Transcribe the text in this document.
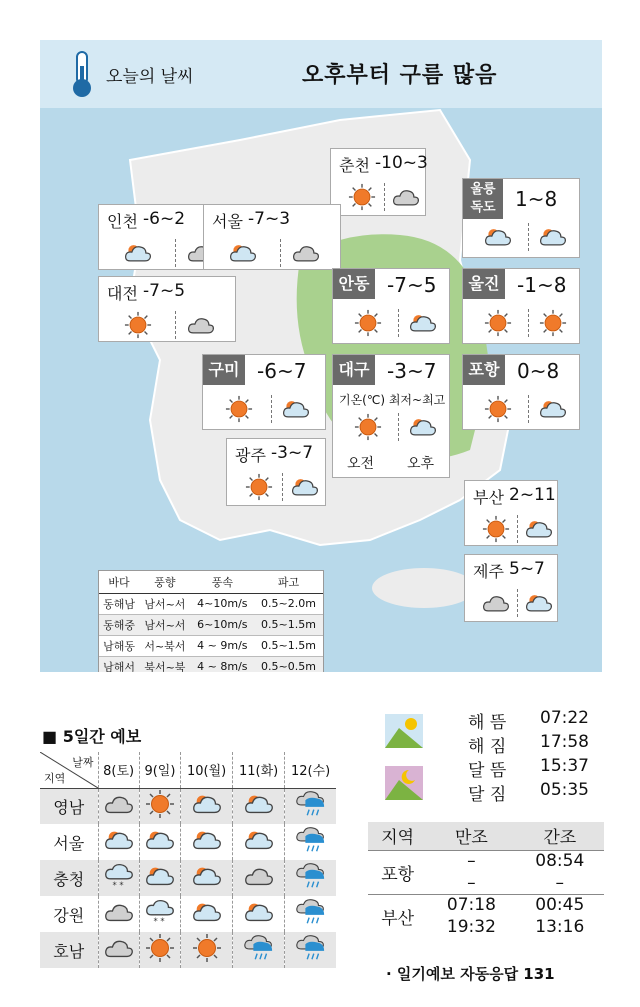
오늘의 날씨	오후부터 구름 많음
춘천 -10~3
인천 -6~2 서울 -7~3
대전 -7~5	안동 -7~5
울릉
독도 1~8
울진 -1~8
구미 -6~7	대구 -3~7
기온(℃) 최저~최고
오전 오후
포항 0~8
광주 -3~7
부산 2~11
제주 5~7
바다	풍향	풍속	파고
동해남	남서~서	4~10m/s	0.5~2.0m
동해중	남서~서	6~10m/s	0.5~1.5m
남해동	서~북서	4 ~ 9m/s	0.5~1.5m
남해서	북서~북	4 ~ 8m/s	0.5~0.5m
■ 5일간 예보
날짜
지역	8(토)	9(일)	10(월)	11(화)	12(수)
영남					
서울					
충청	* *

강원		* *

호남					
해 뜸 07:22
해 짐 17:58
달 뜸 15:37
달 짐 05:35
지역	만조	간조
포항	–	08:54
	–	–
부산	07:18	00:45
	19:32	13:16
· 일기예보 자동응답 131
